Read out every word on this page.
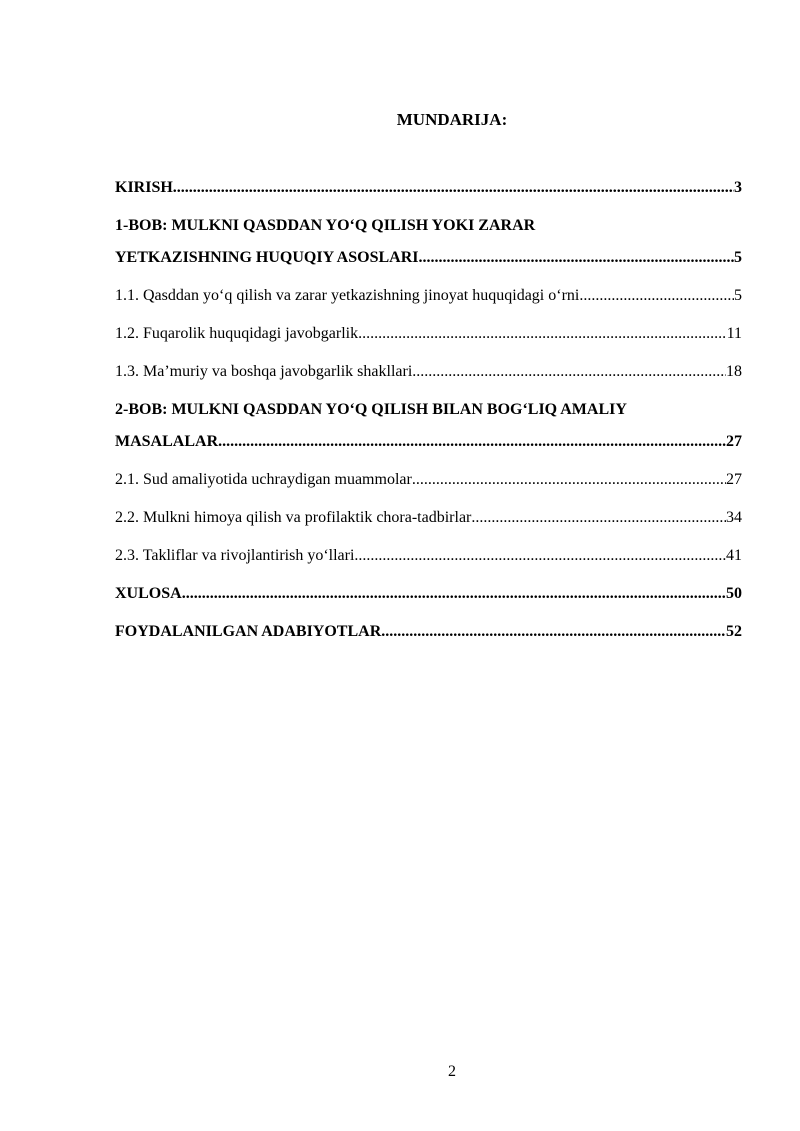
MUNDARIJA:
KIRISH .....	3
1-BOB: MULKNI QASDDAN YO‘Q QILISH YOKI ZARAR
YETKAZISHNING HUQUQIY ASOSLARI .....	5
1.1. Qasddan yo‘q qilish va zarar yetkazishning jinoyat huquqidagi o‘rni .....	5
1.2. Fuqarolik huquqidagi javobgarlik .....	11
1.3. Ma’muriy va boshqa javobgarlik shakllari .....	18
2-BOB: MULKNI QASDDAN YO‘Q QILISH BILAN BOG‘LIQ AMALIY
MASALALAR .....	27
2.1. Sud amaliyotida uchraydigan muammolar .....	27
2.2. Mulkni himoya qilish va profilaktik chora-tadbirlar .....	34
2.3. Takliflar va rivojlantirish yo‘llari .....	41
XULOSA .....	50
FOYDALANILGAN ADABIYOTLAR .....	52
2
